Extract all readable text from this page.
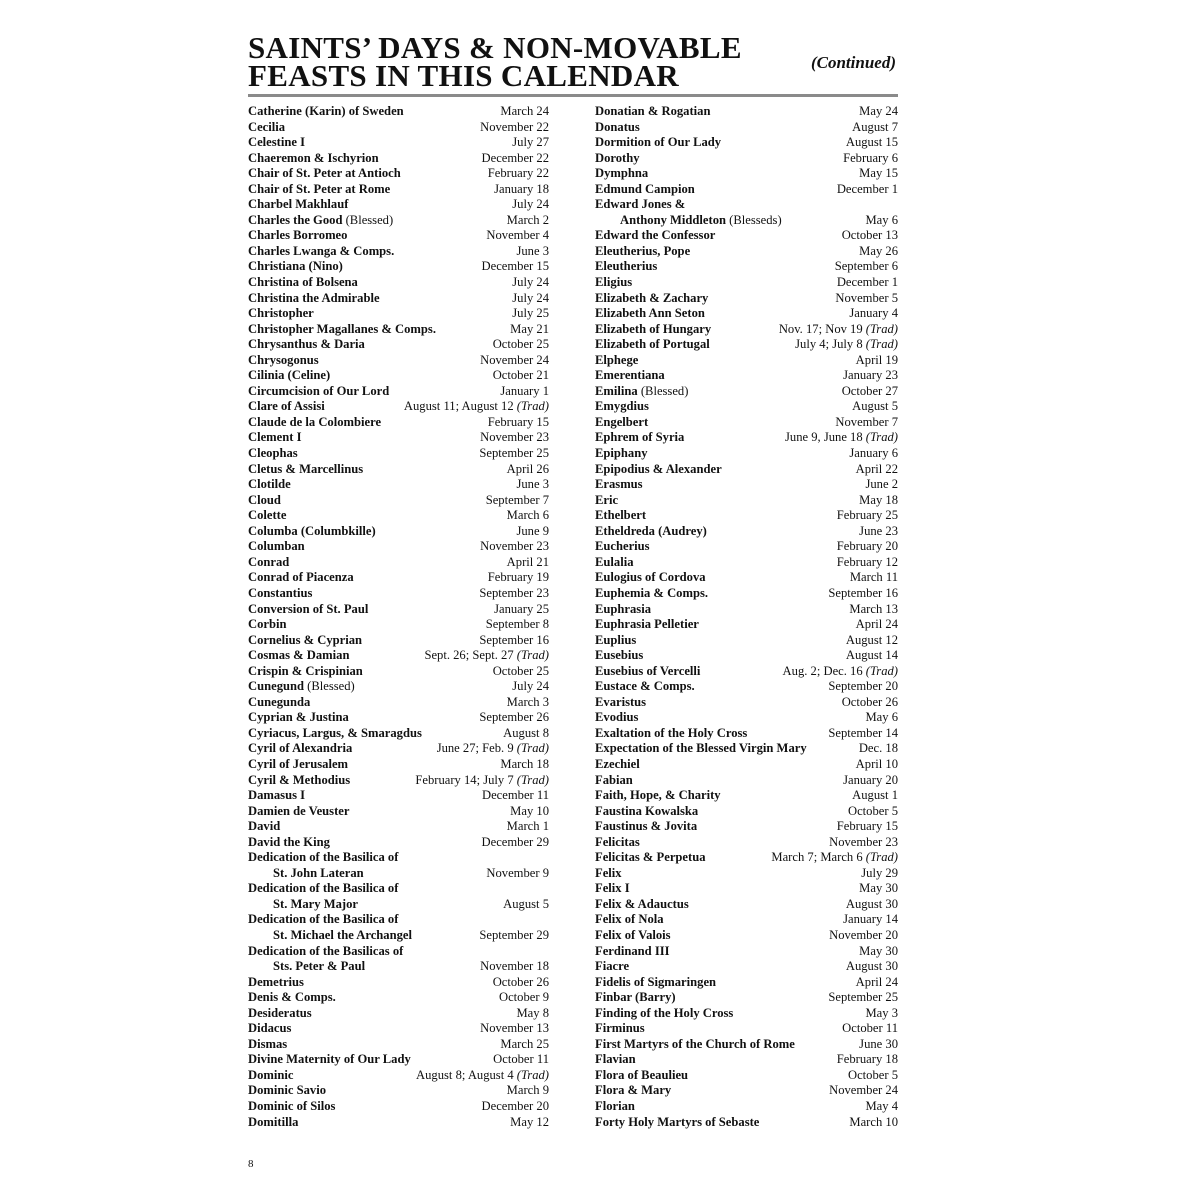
SAINTS’ DAYS & NON-MOVABLE
FEASTS IN THIS CALENDAR	(Continued)
Catherine (Karin) of Sweden	March 24
Cecilia	November 22
Celestine I	July 27
Chaeremon & Ischyrion	December 22
Chair of St. Peter at Antioch	February 22
Chair of St. Peter at Rome	January 18
Charbel Makhlauf	July 24
Charles the Good (Blessed)	March 2
Charles Borromeo	November 4
Charles Lwanga & Comps.	June 3
Christiana (Nino)	December 15
Christina of Bolsena	July 24
Christina the Admirable	July 24
Christopher	July 25
Christopher Magallanes & Comps.	May 21
Chrysanthus & Daria	October 25
Chrysogonus	November 24
Cilinia (Celine)	October 21
Circumcision of Our Lord	January 1
Clare of Assisi	August 11; August 12 (Trad)
Claude de la Colombiere	February 15
Clement I	November 23
Cleophas	September 25
Cletus & Marcellinus	April 26
Clotilde	June 3
Cloud	September 7
Colette	March 6
Columba (Columbkille)	June 9
Columban	November 23
Conrad	April 21
Conrad of Piacenza	February 19
Constantius	September 23
Conversion of St. Paul	January 25
Corbin	September 8
Cornelius & Cyprian	September 16
Cosmas & Damian	Sept. 26; Sept. 27 (Trad)
Crispin & Crispinian	October 25
Cunegund (Blessed)	July 24
Cunegunda	March 3
Cyprian & Justina	September 26
Cyriacus, Largus, & Smaragdus	August 8
Cyril of Alexandria	June 27; Feb. 9 (Trad)
Cyril of Jerusalem	March 18
Cyril & Methodius	February 14; July 7 (Trad)
Damasus I	December 11
Damien de Veuster	May 10
David	March 1
David the King	December 29
Dedication of the Basilica of
St. John Lateran	November 9
Dedication of the Basilica of
St. Mary Major	August 5
Dedication of the Basilica of
St. Michael the Archangel	September 29
Dedication of the Basilicas of
Sts. Peter & Paul	November 18
Demetrius	October 26
Denis & Comps.	October 9
Desideratus	May 8
Didacus	November 13
Dismas	March 25
Divine Maternity of Our Lady	October 11
Dominic	August 8; August 4 (Trad)
Dominic Savio	March 9
Dominic of Silos	December 20
Domitilla	May 12
Donatian & Rogatian	May 24
Donatus	August 7
Dormition of Our Lady	August 15
Dorothy	February 6
Dymphna	May 15
Edmund Campion	December 1
Edward Jones &
Anthony Middleton (Blesseds)	May 6
Edward the Confessor	October 13
Eleutherius, Pope	May 26
Eleutherius	September 6
Eligius	December 1
Elizabeth & Zachary	November 5
Elizabeth Ann Seton	January 4
Elizabeth of Hungary	Nov. 17; Nov 19 (Trad)
Elizabeth of Portugal	July 4; July 8 (Trad)
Elphege	April 19
Emerentiana	January 23
Emilina (Blessed)	October 27
Emygdius	August 5
Engelbert	November 7
Ephrem of Syria	June 9, June 18 (Trad)
Epiphany	January 6
Epipodius & Alexander	April 22
Erasmus	June 2
Eric	May 18
Ethelbert	February 25
Etheldreda (Audrey)	June 23
Eucherius	February 20
Eulalia	February 12
Eulogius of Cordova	March 11
Euphemia & Comps.	September 16
Euphrasia	March 13
Euphrasia Pelletier	April 24
Euplius	August 12
Eusebius	August 14
Eusebius of Vercelli	Aug. 2; Dec. 16 (Trad)
Eustace & Comps.	September 20
Evaristus	October 26
Evodius	May 6
Exaltation of the Holy Cross	September 14
Expectation of the Blessed Virgin Mary	Dec. 18
Ezechiel	April 10
Fabian	January 20
Faith, Hope, & Charity	August 1
Faustina Kowalska	October 5
Faustinus & Jovita	February 15
Felicitas	November 23
Felicitas & Perpetua	March 7; March 6 (Trad)
Felix	July 29
Felix I	May 30
Felix & Adauctus	August 30
Felix of Nola	January 14
Felix of Valois	November 20
Ferdinand III	May 30
Fiacre	August 30
Fidelis of Sigmaringen	April 24
Finbar (Barry)	September 25
Finding of the Holy Cross	May 3
Firminus	October 11
First Martyrs of the Church of Rome	June 30
Flavian	February 18
Flora of Beaulieu	October 5
Flora & Mary	November 24
Florian	May 4
Forty Holy Martyrs of Sebaste	March 10
8
